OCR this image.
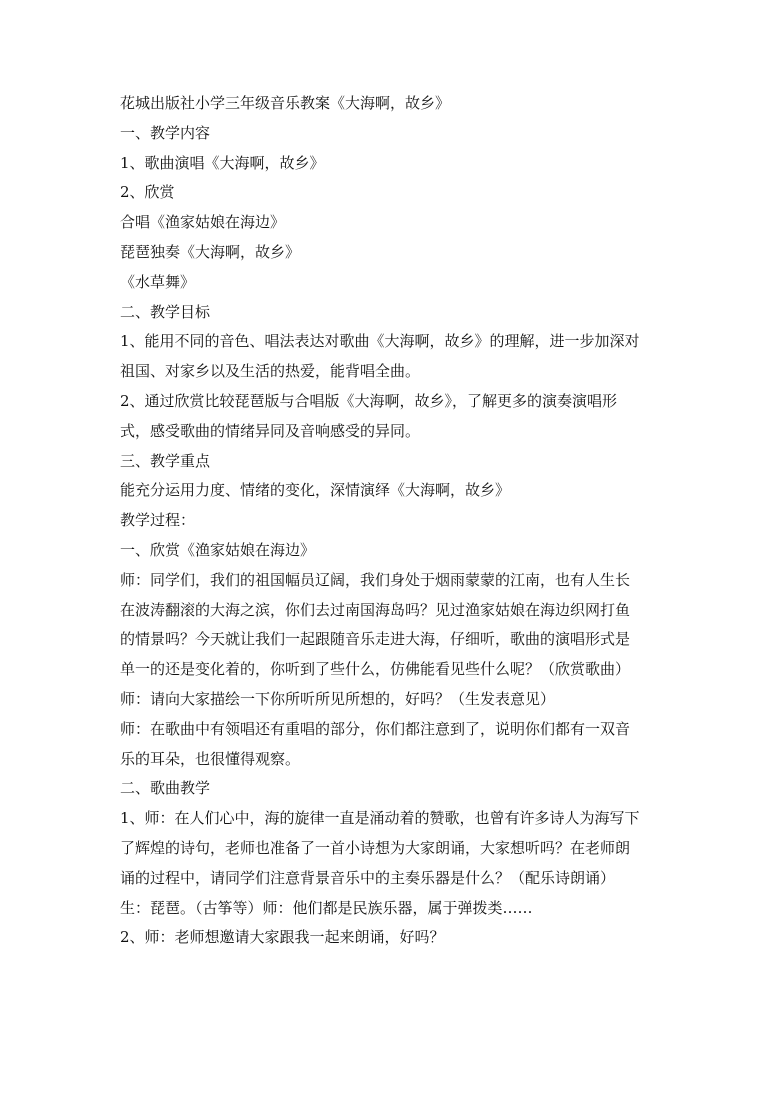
花城出版社小学三年级音乐教案《大海啊，故乡》
一、教学内容
1、歌曲演唱《大海啊，故乡》
2、欣赏
合唱《渔家姑娘在海边》
琵琶独奏《大海啊，故乡》
《水草舞》
二、教学目标
1、能用不同的音色、唱法表达对歌曲《大海啊，故乡》的理解，进一步加深对
祖国、对家乡以及生活的热爱，能背唱全曲。
2、通过欣赏比较琵琶版与合唱版《大海啊，故乡》，了解更多的演奏演唱形
式，感受歌曲的情绪异同及音响感受的异同。
三、教学重点
能充分运用力度、情绪的变化，深情演绎《大海啊，故乡》
教学过程：
一、欣赏《渔家姑娘在海边》
师：同学们，我们的祖国幅员辽阔，我们身处于烟雨蒙蒙的江南，也有人生长
在波涛翻滚的大海之滨，你们去过南国海岛吗？见过渔家姑娘在海边织网打鱼
的情景吗？今天就让我们一起跟随音乐走进大海，仔细听，歌曲的演唱形式是
单一的还是变化着的，你听到了些什么，仿佛能看见些什么呢？（欣赏歌曲）
师：请向大家描绘一下你所听所见所想的，好吗？（生发表意见）
师：在歌曲中有领唱还有重唱的部分，你们都注意到了，说明你们都有一双音
乐的耳朵，也很懂得观察。
二、歌曲教学
1、师：在人们心中，海的旋律一直是涌动着的赞歌，也曾有许多诗人为海写下
了辉煌的诗句，老师也准备了一首小诗想为大家朗诵，大家想听吗？在老师朗
诵的过程中，请同学们注意背景音乐中的主奏乐器是什么？（配乐诗朗诵）
生：琵琶。（古筝等）师：他们都是民族乐器，属于弹拨类……
2、师：老师想邀请大家跟我一起来朗诵，好吗？
